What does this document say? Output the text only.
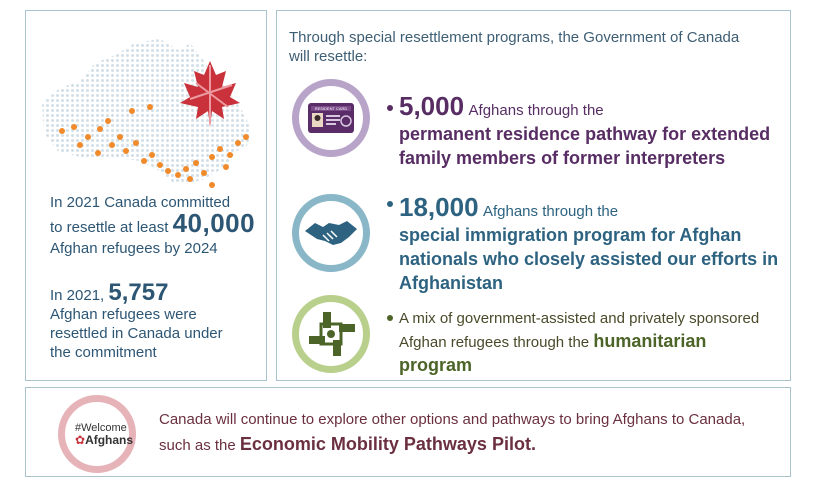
In 2021 Canada committed
to resettle at least 40,000
Afghan refugees by 2024
In 2021, 5,757
Afghan refugees were
resettled in Canada under
the commitment
Through special resettlement programs, the Government of Canada
will resettle:
RESIDENT CARD 5,000 Afghans through the
permanent residence pathway for extended
family members of former interpreters
18,000 Afghans through the
special immigration program for Afghan
nationals who closely assisted our efforts in
Afghanistan
A mix of government-assisted and privately sponsored
Afghan refugees through the humanitarian program
#Welcome
✿Afghans
Canada will continue to explore other options and pathways to bring Afghans to Canada,
such as the Economic Mobility Pathways Pilot.
